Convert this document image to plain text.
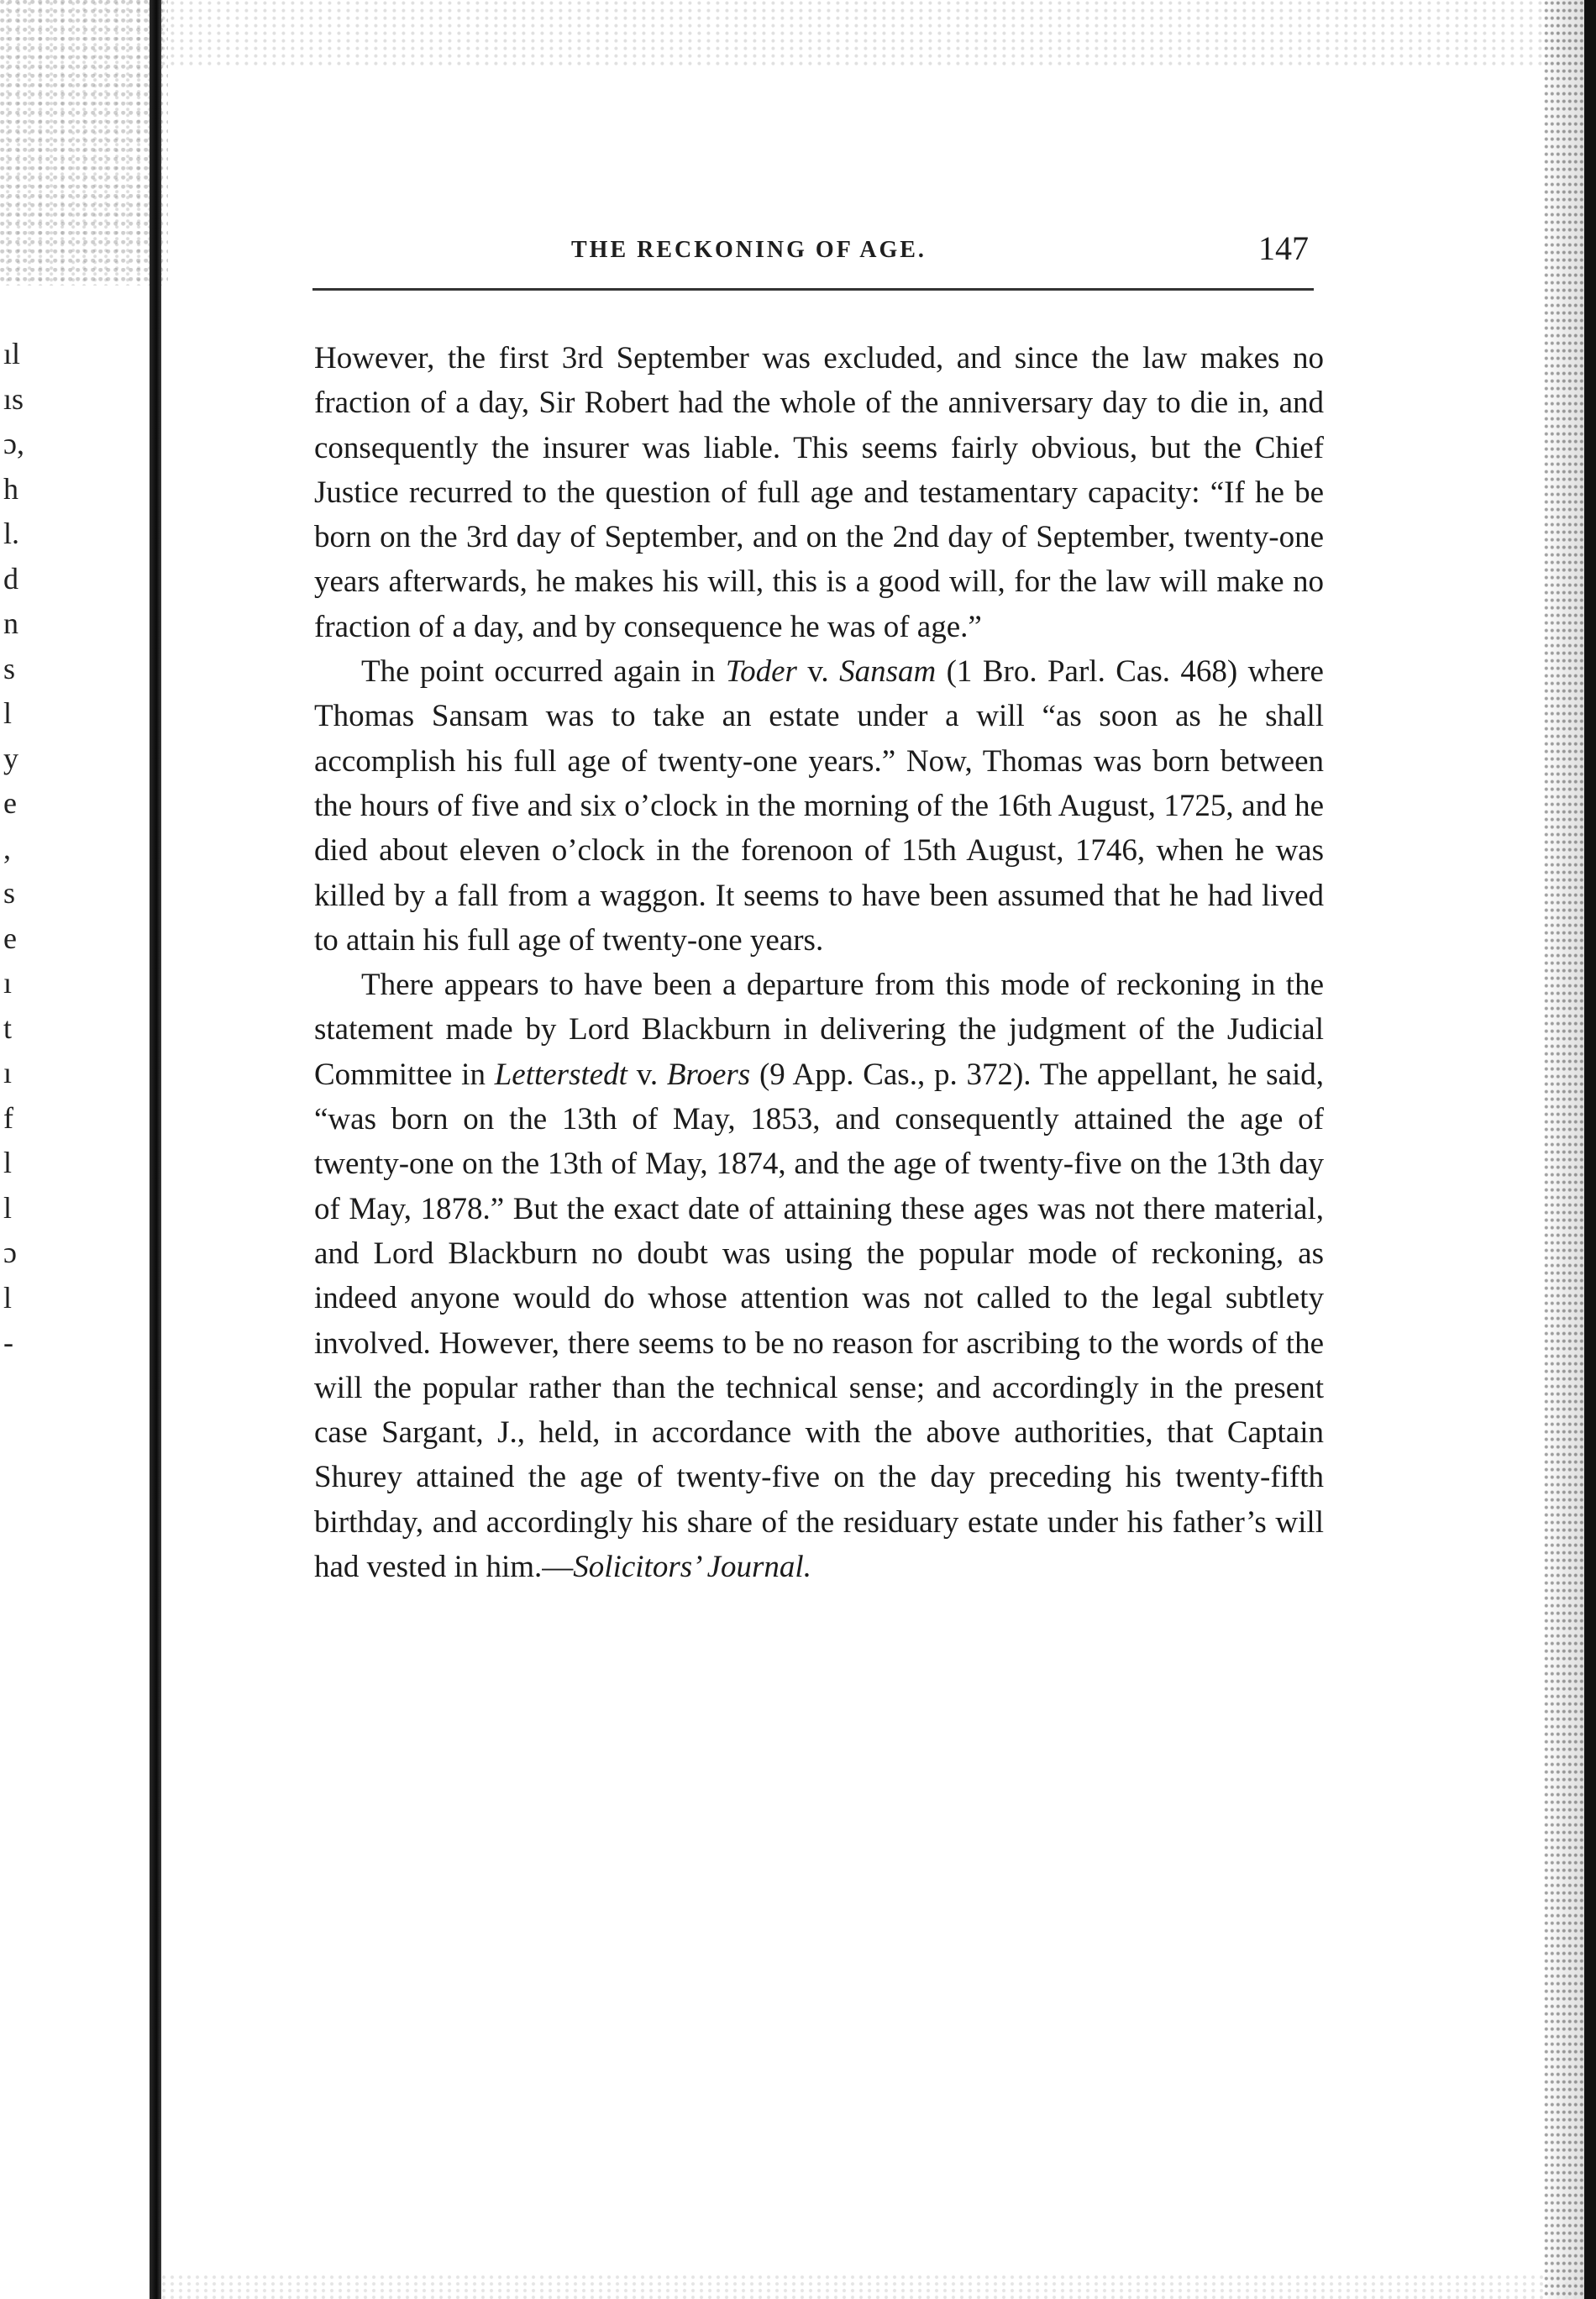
ıl
ıs
ɔ,
h
l.
d
n
s
l
y
e
,
s
e
ı
t
ı
f
l
l
ɔ
l
-
THE RECKONING OF AGE.	147

However, the first 3rd September was excluded, and since the law makes no fraction of a day, Sir Robert had the whole of the anniversary day to die in, and consequently the insurer was liable. This seems fairly obvious, but the Chief Justice recurred to the question of full age and testamentary capacity: “If he be born on the 3rd day of September, and on the 2nd day of September, twenty-one years afterwards, he makes his will, this is a good will, for the law will make no fraction of a day, and by consequence he was of age.”

The point occurred again in Toder v. Sansam (1 Bro. Parl. Cas. 468) where Thomas Sansam was to take an estate under a will “as soon as he shall accomplish his full age of twenty-one years.” Now, Thomas was born between the hours of five and six o’clock in the morning of the 16th August, 1725, and he died about eleven o’clock in the forenoon of 15th August, 1746, when he was killed by a fall from a waggon. It seems to have been assumed that he had lived to attain his full age of twenty-one years.

There appears to have been a departure from this mode of reckoning in the statement made by Lord Blackburn in delivering the judgment of the Judicial Committee in Letterstedt v. Broers (9 App. Cas., p. 372). The appellant, he said, “was born on the 13th of May, 1853, and consequently attained the age of twenty-one on the 13th of May, 1874, and the age of twenty-five on the 13th day of May, 1878.” But the exact date of attaining these ages was not there material, and Lord Blackburn no doubt was using the popular mode of reckoning, as indeed anyone would do whose attention was not called to the legal subtlety involved. However, there seems to be no reason for ascribing to the words of the will the popular rather than the technical sense; and accordingly in the present case Sargant, J., held, in accordance with the above authorities, that Captain Shurey attained the age of twenty-five on the day preceding his twenty-fifth birthday, and accordingly his share of the residuary estate under his father’s will had vested in him.—Solicitors’ Journal.
